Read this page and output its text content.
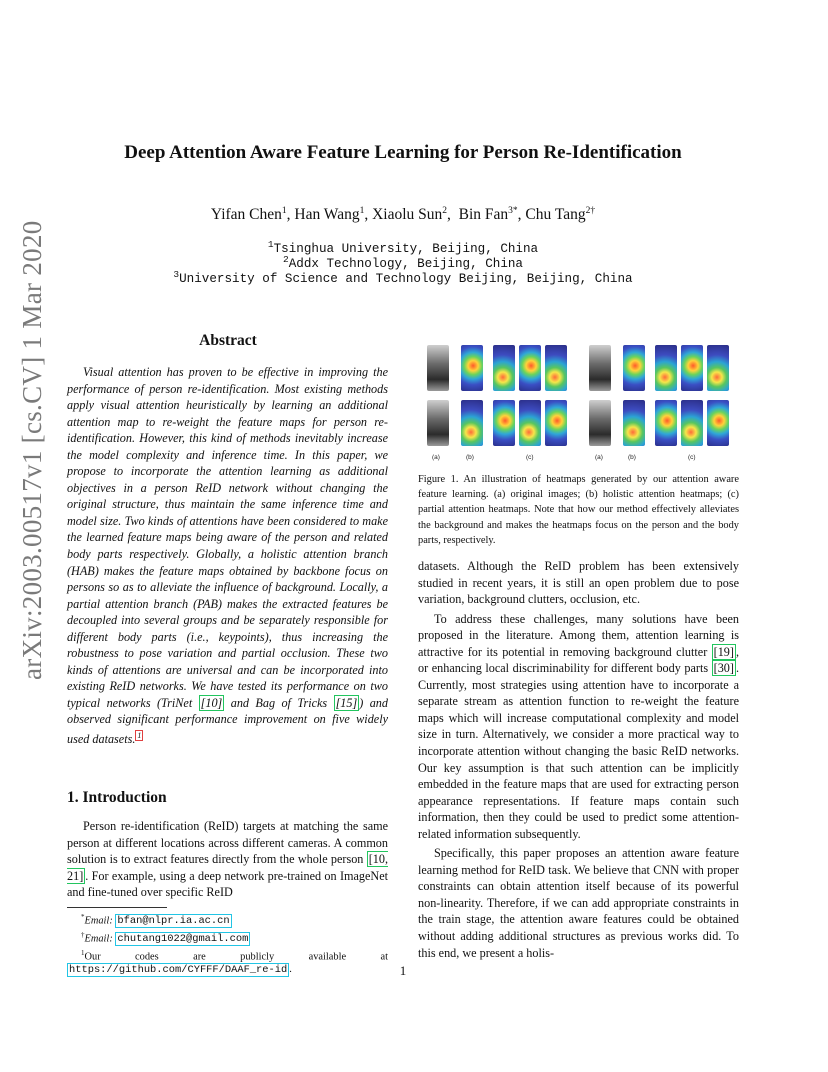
arXiv:2003.00517v1 [cs.CV] 1 Mar 2020
Deep Attention Aware Feature Learning for Person Re-Identification
Yifan Chen$^1$, Han Wang$^1$, Xiaolu Sun$^2$,  Bin Fan$^{3*}$, Chu Tang$^{2\dagger}$
$^1$Tsinghua University, Beijing, China
$^2$Addx Technology, Beijing, China
$^3$University of Science and Technology Beijing, Beijing, China
Abstract

Visual attention has proven to be effective in improving the performance of person re-identification. Most existing methods apply visual attention heuristically by learning an additional attention map to re-weight the feature maps for person re-identification. However, this kind of methods inevitably increase the model complexity and inference time. In this paper, we propose to incorporate the attention learning as additional objectives in a person ReID network without changing the original structure, thus maintain the same inference time and model size. Two kinds of attentions have been considered to make the learned feature maps being aware of the person and related body parts respectively. Globally, a holistic attention branch (HAB) makes the feature maps obtained by backbone focus on persons so as to alleviate the influence of background. Locally, a partial attention branch (PAB) makes the extracted features be decoupled into several groups and be separately responsible for different body parts (i.e., keypoints), thus increasing the robustness to pose variation and partial occlusion. These two kinds of attentions are universal and can be incorporated into existing ReID networks. We have tested its performance on two typical networks (TriNet [10] and Bag of Tricks [15] ) and observed significant performance improvement on five widely used datasets. $^1$

1. Introduction

Person re-identification (ReID) targets at matching the same person at different locations across different cameras. A common solution is to extract features directly from the whole person [10, 21] . For example, using a deep network pre-trained on ImageNet and fine-tuned over specific ReID

*Email: bfan@nlpr.ia.ac.cn
†Email: chutang1022@gmail.com
$^1$Our codes are publicly available at https://github.com/CYFFF/DAAF_re-id .
(a)	(b)	(c)	(a)	(b)	(c)
Figure 1. An illustration of heatmaps generated by our attention aware feature learning. (a) original images; (b) holistic attention heatmaps; (c) partial attention heatmaps. Note that how our method effectively alleviates the background and makes the heatmaps focus on the person and the body parts, respectively.

datasets. Although the ReID problem has been extensively studied in recent years, it is still an open problem due to pose variation, background clutters, occlusion, etc.

To address these challenges, many solutions have been proposed in the literature. Among them, attention learning is attractive for its potential in removing background clutter [19] , or enhancing local discriminability for different body parts [30] . Currently, most strategies using attention have to incorporate a separate stream as attention function to re-weight the feature maps which will increase computational complexity and model size in turn. Alternatively, we consider a more practical way to incorporate attention without changing the basic ReID networks. Our key assumption is that such attention can be implicitly embedded in the feature maps that are used for extracting person appearance representations. If feature maps contain such information, then they could be used to predict some attention-related information subsequently.

Specifically, this paper proposes an attention aware feature learning method for ReID task. We believe that CNN with proper constraints can obtain attention itself because of its powerful non-linearity. Therefore, if we can add appropriate constraints in the train stage, the attention aware features could be obtained without adding additional structures as previous works did. To this end, we present a holis-

1
